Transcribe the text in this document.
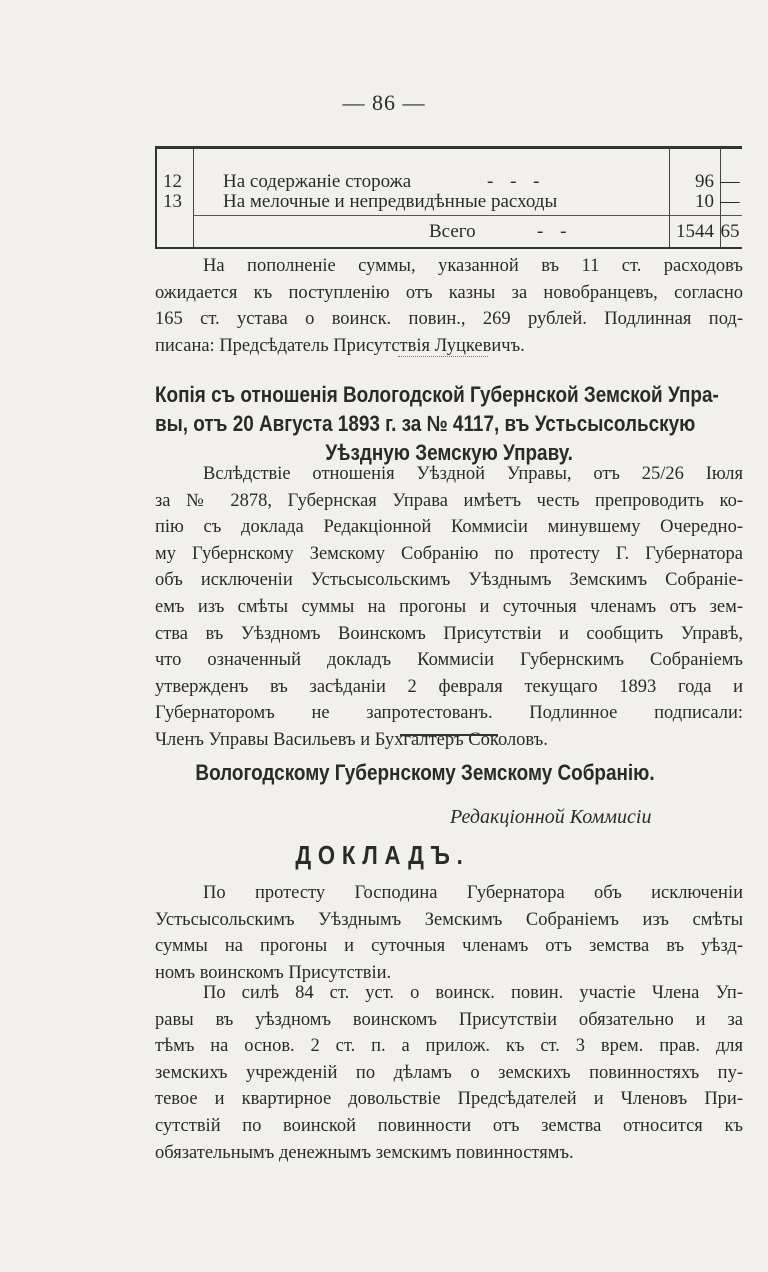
— 86 —
12 На содержаніе сторожа	- - -	96 —
13 На мелочные и непредвидѣнные расходы	10 —
Всего	- -	1544 65
На пополненіе суммы, указанной въ 11 ст. расходовъ
ожидается къ поступленію отъ казны за новобранцевъ, согласно
165 ст. устава о воинск. повин., 269 рублей. Подлинная под-
писана: Предсѣдатель Присутствія Луцкевичъ.
Копія съ отношенія Вологодской Губернской Земской Упра-
вы, отъ 20 Августа 1893 г. за № 4117, въ Устьсысольскую
Уѣздную Земскую Управу.
Вслѣдствіе отношенія Уѣздной Управы, отъ 25/26 Іюля
за № 2878, Губернская Управа имѣетъ честь препроводить ко-
пію съ доклада Редакціонной Коммисіи минувшему Очередно-
му Губернскому Земскому Собранію по протесту Г. Губернатора
объ исключеніи Устьсысольскимъ Уѣзднымъ Земскимъ Собраніе-
емъ изъ смѣты суммы на прогоны и суточныя членамъ отъ зем-
ства въ Уѣздномъ Воинскомъ Присутствіи и сообщить Управѣ,
что означенный докладъ Коммисіи Губернскимъ Собраніемъ
утвержденъ въ засѣданіи 2 февраля текущаго 1893 года и
Губернаторомъ не запротестованъ. Подлинное подписали:
Членъ Управы Васильевъ и Бухгалтеръ Соколовъ.
Вологодскому Губернскому Земскому Собранію.
Редакціонной Коммисіи
ДОКЛАДЪ.
По протесту Господина Губернатора объ исключеніи
Устьсысольскимъ Уѣзднымъ Земскимъ Собраніемъ изъ смѣты
суммы на прогоны и суточныя членамъ отъ земства въ уѣзд-
номъ воинскомъ Присутствіи.
По силѣ 84 ст. уст. о воинск. повин. участіе Члена Уп-
равы въ уѣздномъ воинскомъ Присутствіи обязательно и за
тѣмъ на основ. 2 ст. п. а прилож. къ ст. 3 врем. прав. для
земскихъ учрежденій по дѣламъ о земскихъ повинностяхъ пу-
тевое и квартирное довольствіе Предсѣдателей и Членовъ При-
сутствій по воинской повинности отъ земства относится къ
обязательнымъ денежнымъ земскимъ повинностямъ.
